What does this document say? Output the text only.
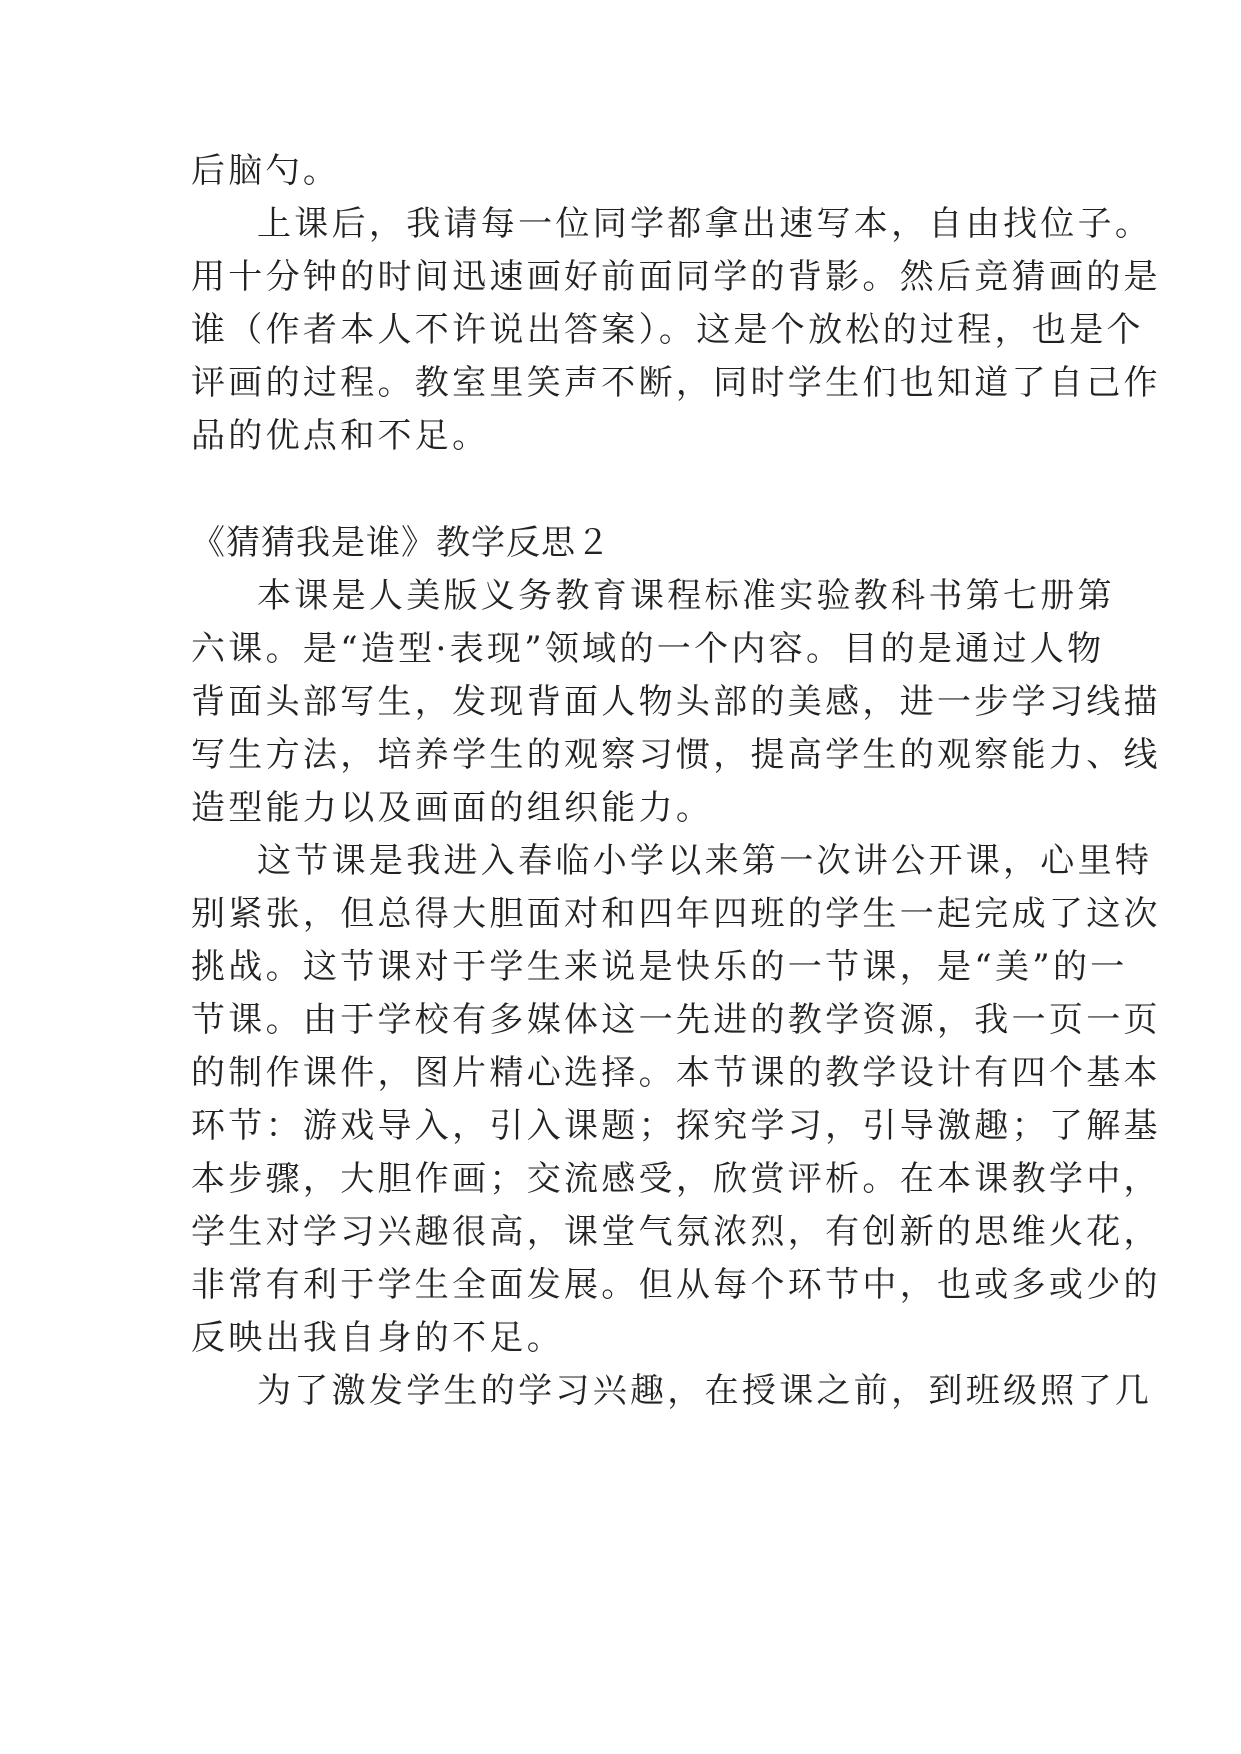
后脑勺。
上课后，我请每一位同学都拿出速写本，自由找位子。
用十分钟的时间迅速画好前面同学的背影。然后竞猜画的是
谁（作者本人不许说出答案）。这是个放松的过程，也是个
评画的过程。教室里笑声不断，同时学生们也知道了自己作
品的优点和不足。
《猜猜我是谁》教学反思２
本课是人美版义务教育课程标准实验教科书第七册第
六课。是“造型·表现”领域的一个内容。目的是通过人物
背面头部写生，发现背面人物头部的美感，进一步学习线描
写生方法，培养学生的观察习惯，提高学生的观察能力、线
造型能力以及画面的组织能力。
这节课是我进入春临小学以来第一次讲公开课，心里特
别紧张，但总得大胆面对和四年四班的学生一起完成了这次
挑战。这节课对于学生来说是快乐的一节课，是“美”的一
节课。由于学校有多媒体这一先进的教学资源，我一页一页
的制作课件，图片精心选择。本节课的教学设计有四个基本
环节：游戏导入，引入课题；探究学习，引导激趣；了解基
本步骤，大胆作画；交流感受，欣赏评析。在本课教学中，
学生对学习兴趣很高，课堂气氛浓烈，有创新的思维火花，
非常有利于学生全面发展。但从每个环节中，也或多或少的
反映出我自身的不足。
为了激发学生的学习兴趣，在授课之前，到班级照了几
